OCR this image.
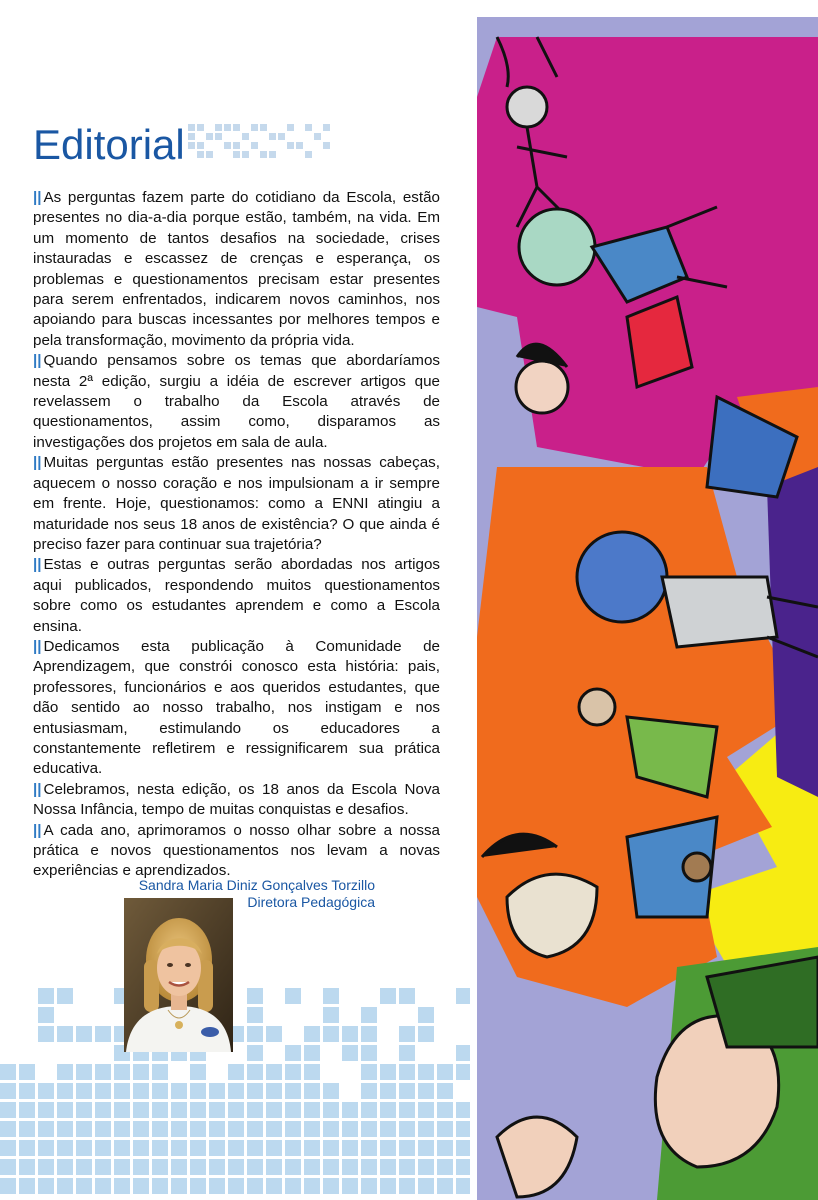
Editorial

|| As perguntas fazem parte do cotidiano da Escola, estão presentes no dia-a-dia porque estão, também, na vida. Em um momento de tantos desafios na sociedade, crises instauradas e escassez de crenças e esperança, os problemas e questionamentos precisam estar presentes para serem enfrentados, indicarem novos caminhos, nos apoiando para buscas incessantes por melhores tempos e pela transformação, movimento da própria vida.

|| Quando pensamos sobre os temas que abordaríamos nesta 2ª edição, surgiu a idéia de escrever artigos que revelassem o trabalho da Escola através de questionamentos, assim como, disparamos as investigações dos projetos em sala de aula.

|| Muitas perguntas estão presentes nas nossas cabeças, aquecem o nosso coração e nos impulsionam a ir sempre em frente. Hoje, questionamos: como a ENNI atingiu a maturidade nos seus 18 anos de existência? O que ainda é preciso fazer para continuar sua trajetória?

|| Estas e outras perguntas serão abordadas nos artigos aqui publicados, respondendo muitos questionamentos sobre como os estudantes aprendem e como a Escola ensina.

|| Dedicamos esta publicação à Comunidade de Aprendizagem, que constrói conosco esta história: pais, professores, funcionários e aos queridos estudantes, que dão sentido ao nosso trabalho, nos instigam e nos entusiasmam, estimulando os educadores a constantemente refletirem e ressignificarem sua prática educativa.

|| Celebramos, nesta edição, os 18 anos da Escola Nova Nossa Infância, tempo de muitas conquistas e desafios.

|| A cada ano, aprimoramos o nosso olhar sobre a nossa prática e novos questionamentos nos levam a novas experiências e aprendizados.

Sandra Maria Diniz Gonçalves Torzillo
Diretora Pedagógica
